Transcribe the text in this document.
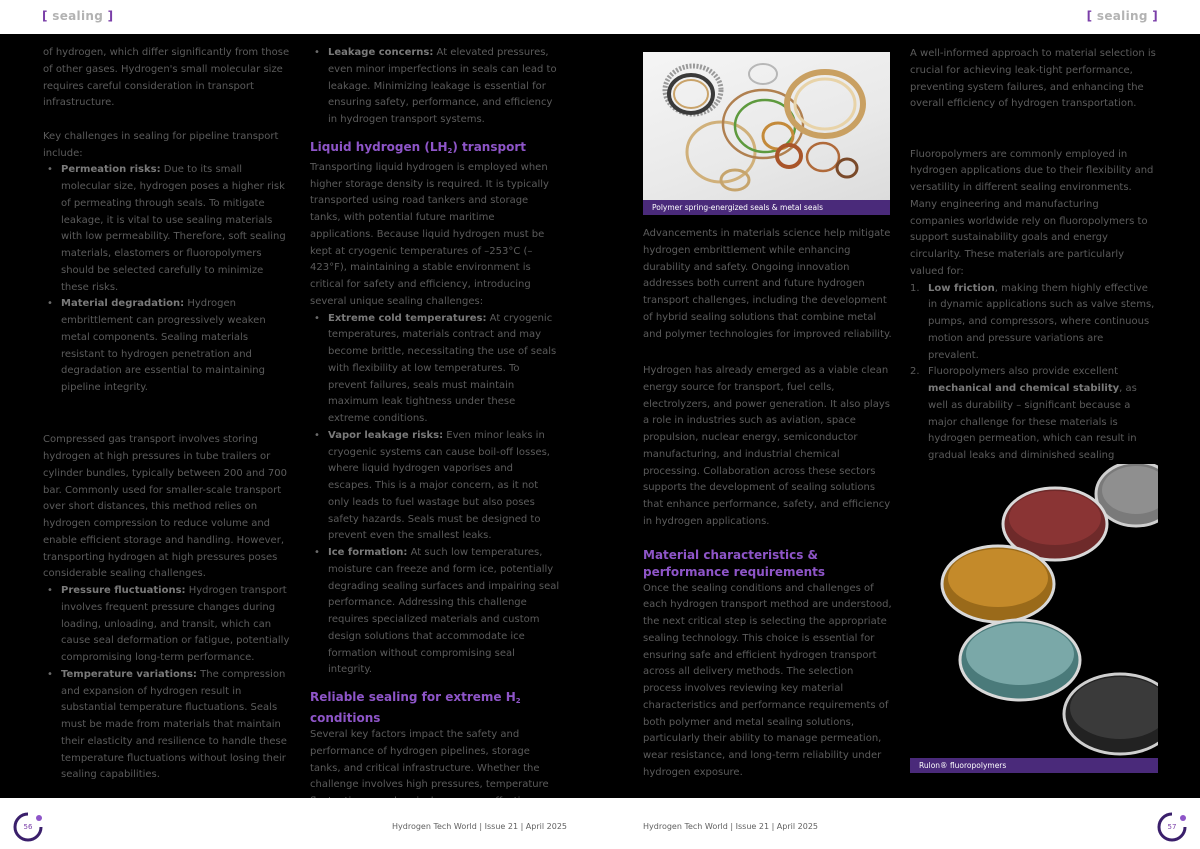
[ sealing ]	[ sealing ]

of hydrogen, which differ significantly from those of other gases. Hydrogen's small molecular size requires careful consideration in transport infrastructure.

Key challenges in sealing for pipeline transport include:

• Permeation risks: Due to its small molecular size, hydrogen poses a higher risk of permeating through seals. To mitigate leakage, it is vital to use sealing materials with low permeability. Therefore, soft sealing materials, elastomers or fluoropolymers should be selected carefully to minimize these risks.
• Material degradation: Hydrogen embrittlement can progressively weaken metal components. Sealing materials resistant to hydrogen penetration and degradation are essential to maintaining pipeline integrity.

Compressed gas transport involves storing hydrogen at high pressures in tube trailers or cylinder bundles, typically between 200 and 700 bar. Commonly used for smaller-scale transport over short distances, this method relies on hydrogen compression to reduce volume and enable efficient storage and handling. However, transporting hydrogen at high pressures poses considerable sealing challenges.

• Pressure fluctuations: Hydrogen transport involves frequent pressure changes during loading, unloading, and transit, which can cause seal deformation or fatigue, potentially compromising long-term performance.
• Temperature variations: The compression and expansion of hydrogen result in substantial temperature fluctuations. Seals must be made from materials that maintain their elasticity and resilience to handle these temperature fluctuations without losing their sealing capabilities.
• Leakage concerns: At elevated pressures, even minor imperfections in seals can lead to leakage. Minimizing leakage is essential for ensuring safety, performance, and efficiency in hydrogen transport systems.
Liquid hydrogen $(LH_2)$ transport

Transporting liquid hydrogen is employed when higher storage density is required. It is typically transported using road tankers and storage tanks, with potential future maritime applications. Because liquid hydrogen must be kept at cryogenic temperatures of –253°C (–423°F), maintaining a stable environment is critical for safety and efficiency, introducing several unique sealing challenges:

• Extreme cold temperatures: At cryogenic temperatures, materials contract and may become brittle, necessitating the use of seals with flexibility at low temperatures. To prevent failures, seals must maintain maximum leak tightness under these extreme conditions.
• Vapor leakage risks: Even minor leaks in cryogenic systems can cause boil-off losses, where liquid hydrogen vaporises and escapes. This is a major concern, as it not only leads to fuel wastage but also poses safety hazards. Seals must be designed to prevent even the smallest leaks.
• Ice formation: At such low temperatures, moisture can freeze and form ice, potentially degrading sealing surfaces and impairing seal performance. Addressing this challenge requires specialized materials and custom design solutions that accommodate ice formation without compromising seal integrity.
Reliable sealing for extreme $H_2$ conditions

Several key factors impact the safety and performance of hydrogen pipelines, storage tanks, and critical infrastructure. Whether the challenge involves high pressures, temperature

Polymer spring-energized seals & metal seals

Advancements in materials science help mitigate hydrogen embrittlement while enhancing durability and safety. Ongoing innovation addresses both current and future hydrogen transport challenges, including the development of hybrid sealing solutions that combine metal and polymer technologies for improved reliability.

Hydrogen has already emerged as a viable clean energy source for transport, fuel cells, electrolyzers, and power generation. It also plays a role in industries such as aviation, space propulsion, nuclear energy, semiconductor manufacturing, and industrial chemical processing. Collaboration across these sectors supports the development of sealing solutions that enhance performance, safety, and efficiency in hydrogen applications.

Material characteristics & performance requirements

Once the sealing conditions and challenges of each hydrogen transport method are understood, the next critical step is selecting the appropriate sealing technology. This choice is essential for ensuring safe and efficient hydrogen transport across all delivery methods. The selection process involves reviewing key material characteristics and performance requirements of both polymer and metal sealing solutions, particularly their ability to manage permeation, wear resistance, and long-term reliability under hydrogen exposure.

A well-informed approach to material selection is crucial for achieving leak-tight performance, preventing system failures, and enhancing the overall efficiency of hydrogen transportation.

Fluoropolymers are commonly employed in hydrogen applications due to their flexibility and versatility in different sealing environments. Many engineering and manufacturing companies worldwide rely on fluoropolymers to support sustainability goals and energy circularity. These materials are particularly valued for:

1. Low friction, making them highly effective in dynamic applications such as valve stems, pumps, and compressors, where continuous motion and pressure variations are prevalent.
2. Fluoropolymers also provide excellent mechanical and chemical stability, as well as durability – significant because a major challenge for these materials is hydrogen permeation, which can result in gradual leaks and diminished sealing
Rulon® fluoropolymers
56	Hydrogen Tech World | Issue 21 | April 2025	Hydrogen Tech World | Issue 21 | April 2025	57
